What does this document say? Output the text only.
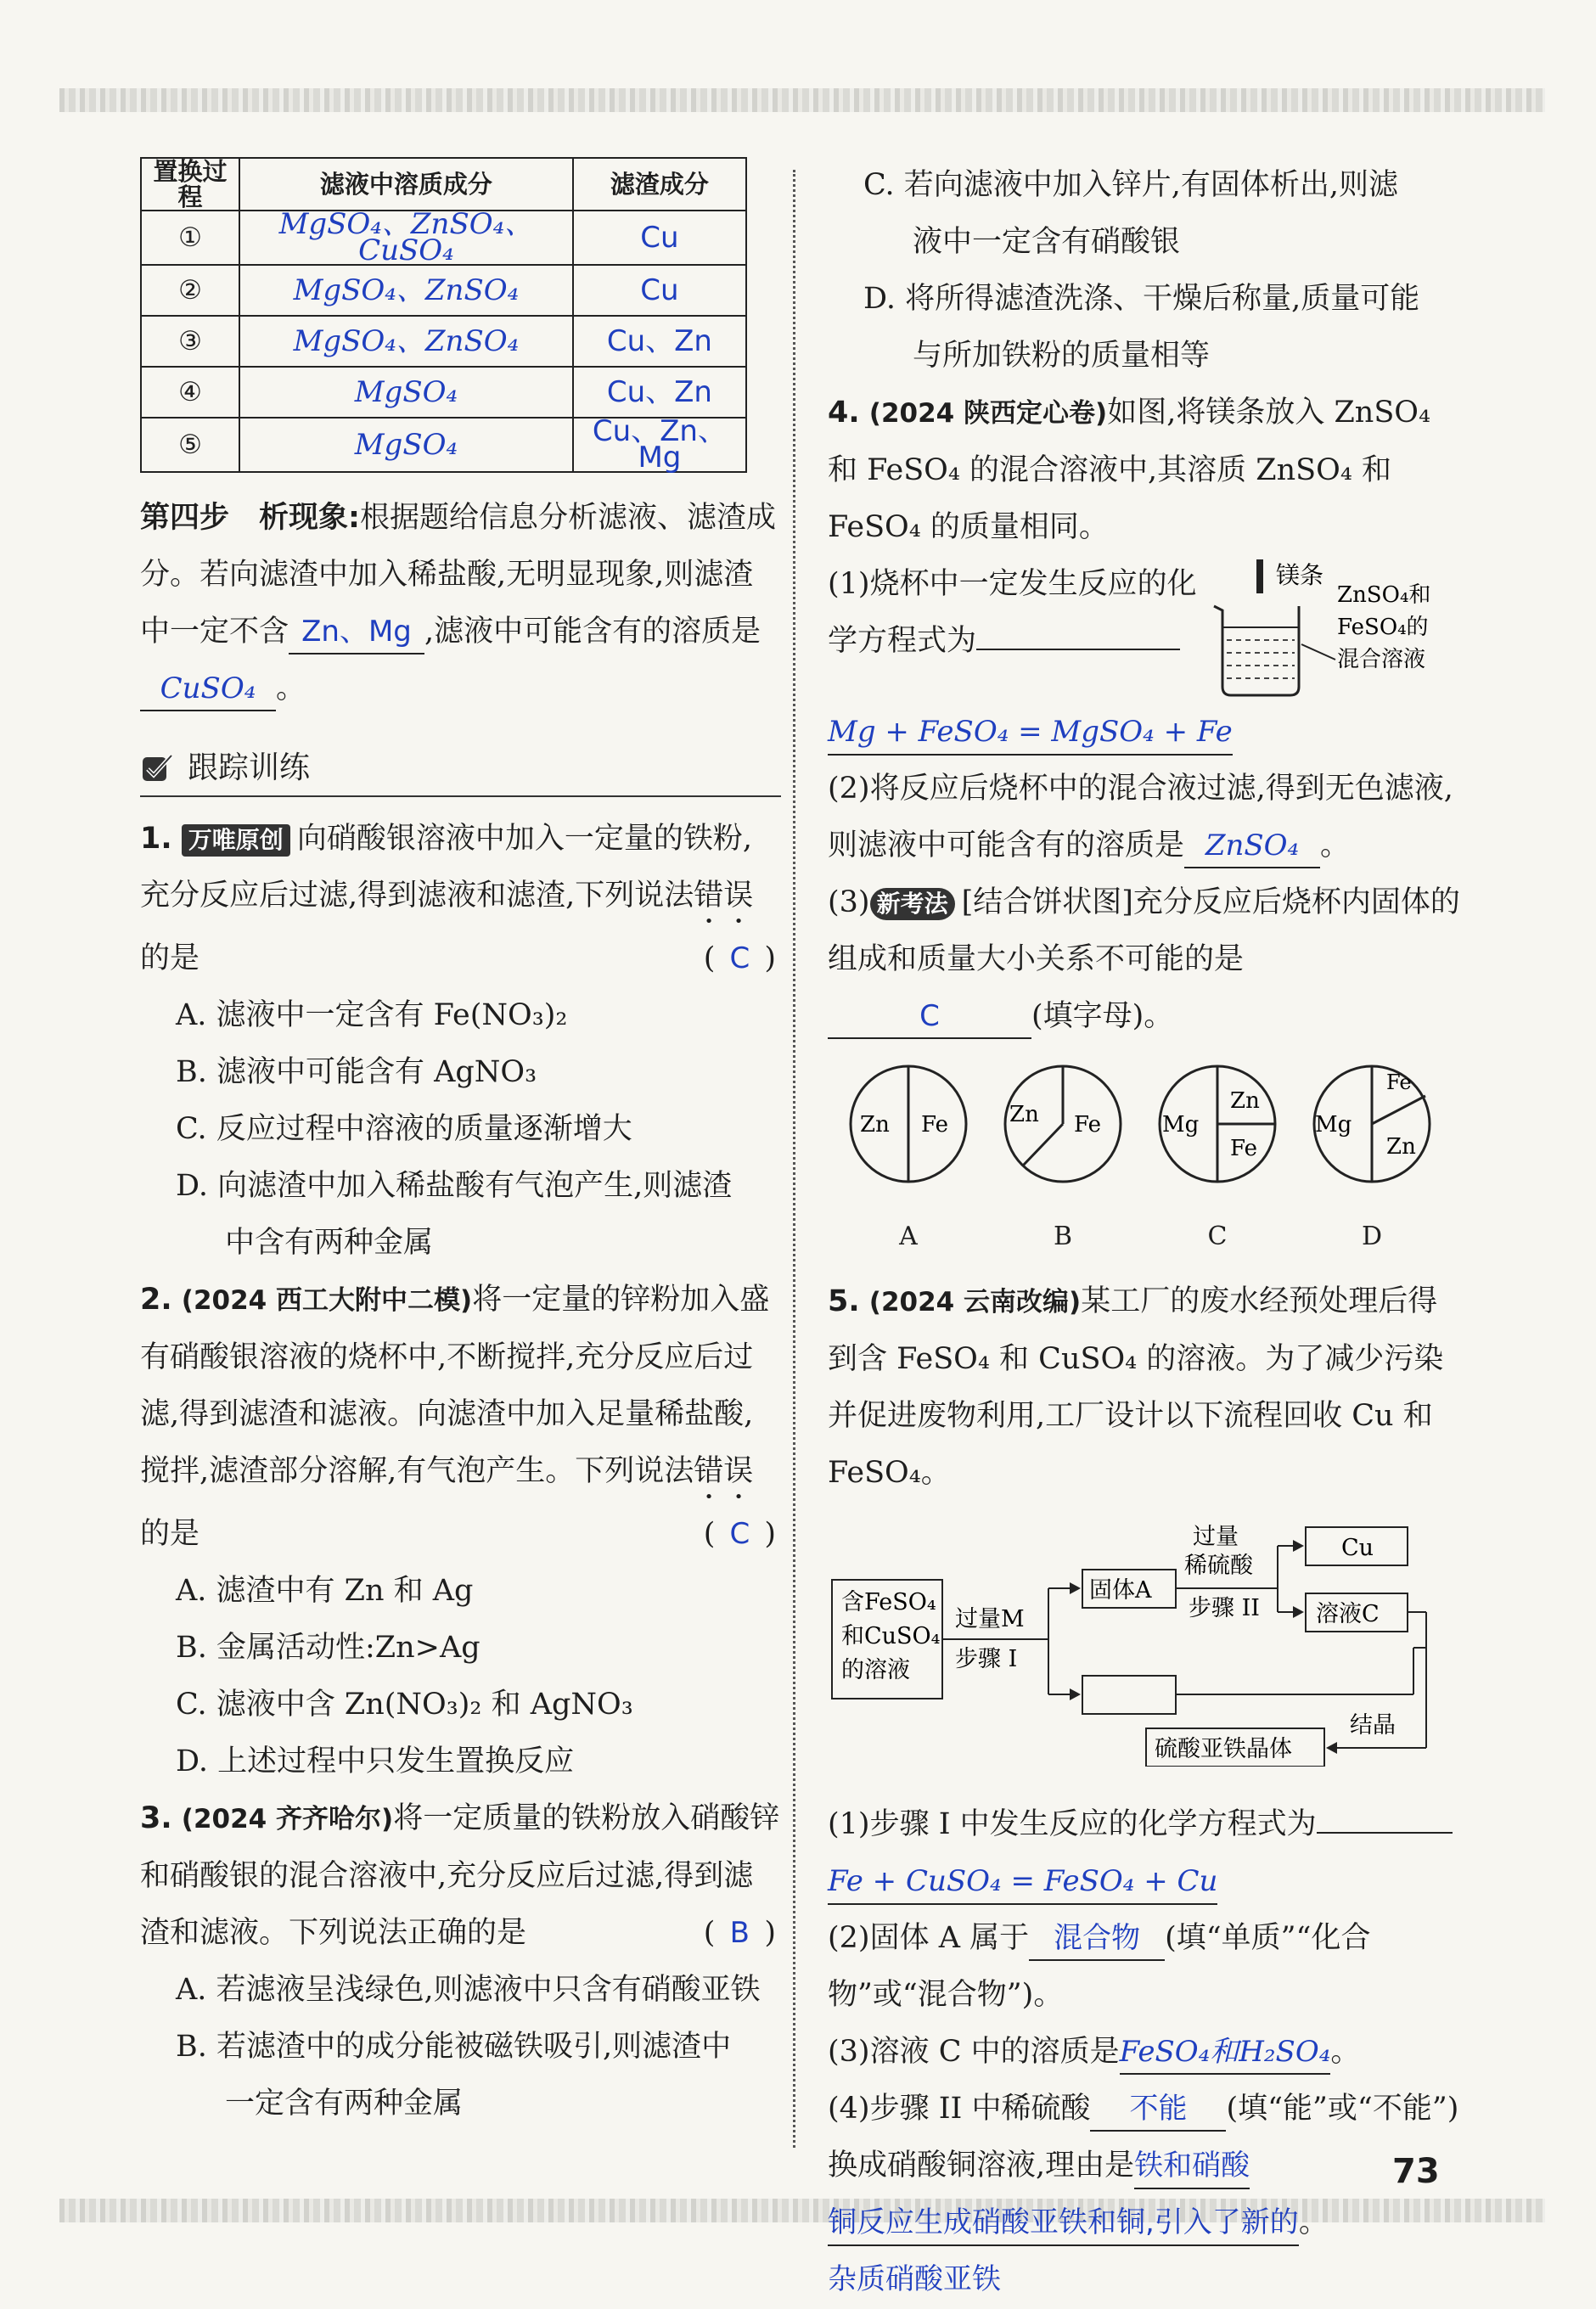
置换过程	滤液中溶质成分	滤渣成分
①	MgSO₄、ZnSO₄、CuSO₄	Cu
②	MgSO₄、ZnSO₄	Cu
③	MgSO₄、ZnSO₄	Cu、Zn
④	MgSO₄	Cu、Zn
⑤	MgSO₄	Cu、Zn、Mg

第四步　析现象:根据题给信息分析滤液、滤渣成分。若向滤渣中加入稀盐酸,无明显现象,则滤渣中一定不含 Zn、Mg ,滤液中可能含有的溶质是CuSO₄ 。

跟踪训练

1. 万唯原创 向硝酸银溶液中加入一定量的铁粉,充分反应后过滤,得到滤液和滤渣,下列说法错误的是	( C )

A. 滤液中一定含有 Fe(NO₃)₂

B. 滤液中可能含有 AgNO₃

C. 反应过程中溶液的质量逐渐增大

D. 向滤渣中加入稀盐酸有气泡产生,则滤渣

中含有两种金属

2. (2024 西工大附中二模)将一定量的锌粉加入盛有硝酸银溶液的烧杯中,不断搅拌,充分反应后过滤,得到滤渣和滤液。向滤渣中加入足量稀盐酸,搅拌,滤渣部分溶解,有气泡产生。下列说法错误的是	( C )

A. 滤渣中有 Zn 和 Ag

B. 金属活动性:Zn>Ag

C. 滤液中含 Zn(NO₃)₂ 和 AgNO₃

D. 上述过程中只发生置换反应

3. (2024 齐齐哈尔)将一定质量的铁粉放入硝酸锌和硝酸银的混合溶液中,充分反应后过滤,得到滤渣和滤液。下列说法正确的是	( B )

A. 若滤液呈浅绿色,则滤液中只含有硝酸亚铁

B. 若滤渣中的成分能被磁铁吸引,则滤渣中

一定含有两种金属

C. 若向滤液中加入锌片,有固体析出,则滤

液中一定含有硝酸银

D. 将所得滤渣洗涤、干燥后称量,质量可能

与所加铁粉的质量相等

4. (2024 陕西定心卷)如图,将镁条放入 ZnSO₄ 和 FeSO₄ 的混合溶液中,其溶质 ZnSO₄ 和 FeSO₄ 的质量相同。

镁条
ZnSO₄和
FeSO₄的
混合溶液

(1)烧杯中一定发生反应的化学方程式为

Mg + FeSO₄ = MgSO₄ + Fe

(2)将反应后烧杯中的混合液过滤,得到无色滤液,则滤液中可能含有的溶质是 ZnSO₄ 。

(3) 新考法 [结合饼状图]充分反应后烧杯内固体的组成和质量大小关系不可能的是

C	(填字母)。

Zn Fe
A
Zn Fe
B
Mg
Zn
Fe
C
Mg
Fe
Zn
D

5. (2024 云南改编)某工厂的废水经预处理后得到含 FeSO₄ 和 CuSO₄ 的溶液。为了减少污染并促进废物利用,工厂设计以下流程回收 Cu 和 FeSO₄。

含FeSO₄
和CuSO₄
的溶液
过量M
步骤 I
固体A
过量
稀硫酸
步骤 II
Cu
溶液C
结晶
硫酸亚铁晶体

(1)步骤 I 中发生反应的化学方程式为

Fe + CuSO₄ = FeSO₄ + Cu

(2)固体 A 属于 混合物 (填“单质”“化合物”或“混合物”)。

(3)溶液 C 中的溶质是FeSO₄和H₂SO₄。

(4)步骤 II 中稀硫酸 不能 (填“能”或“不能”)换成硝酸铜溶液,理由是铁和硝酸

铜反应生成硝酸亚铁和铜,引入了新的。

杂质硝酸亚铁

73
